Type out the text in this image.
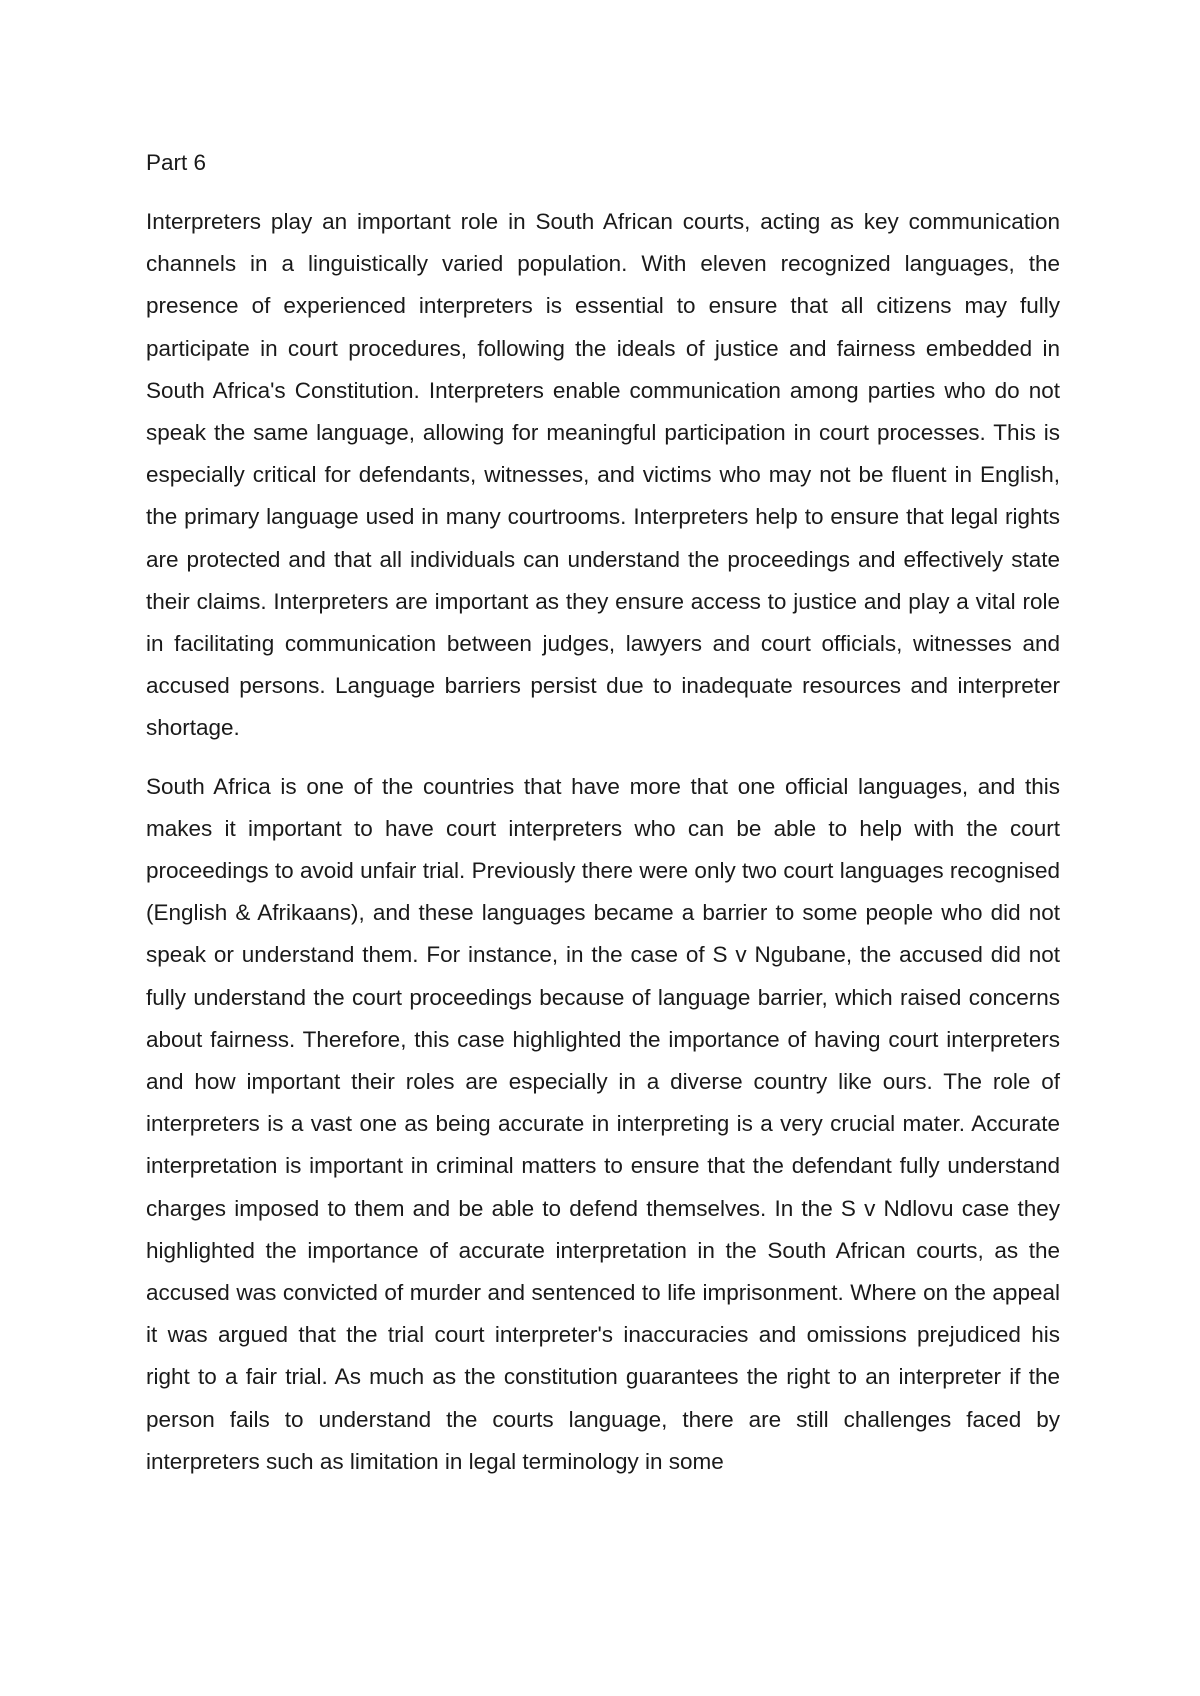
Part 6

Interpreters play an important role in South African courts, acting as key communication channels in a linguistically varied population. With eleven recognized languages, the presence of experienced interpreters is essential to ensure that all citizens may fully participate in court procedures, following the ideals of justice and fairness embedded in South Africa's Constitution. Interpreters enable communication among parties who do not speak the same language, allowing for meaningful participation in court processes. This is especially critical for defendants, witnesses, and victims who may not be fluent in English, the primary language used in many courtrooms. Interpreters help to ensure that legal rights are protected and that all individuals can understand the proceedings and effectively state their claims. Interpreters are important as they ensure access to justice and play a vital role in facilitating communication between judges, lawyers and court officials, witnesses and accused persons. Language barriers persist due to inadequate resources and interpreter shortage.

South Africa is one of the countries that have more that one official languages, and this makes it important to have court interpreters who can be able to help with the court proceedings to avoid unfair trial. Previously there were only two court languages recognised (English & Afrikaans), and these languages became a barrier to some people who did not speak or understand them. For instance, in the case of S v Ngubane, the accused did not fully understand the court proceedings because of language barrier, which raised concerns about fairness. Therefore, this case highlighted the importance of having court interpreters and how important their roles are especially in a diverse country like ours. The role of interpreters is a vast one as being accurate in interpreting is a very crucial mater. Accurate interpretation is important in criminal matters to ensure that the defendant fully understand charges imposed to them and be able to defend themselves. In the S v Ndlovu case they highlighted the importance of accurate interpretation in the South African courts, as the accused was convicted of murder and sentenced to life imprisonment. Where on the appeal it was argued that the trial court interpreter's inaccuracies and omissions prejudiced his right to a fair trial. As much as the constitution guarantees the right to an interpreter if the person fails to understand the courts language, there are still challenges faced by interpreters such as limitation in legal terminology in some
